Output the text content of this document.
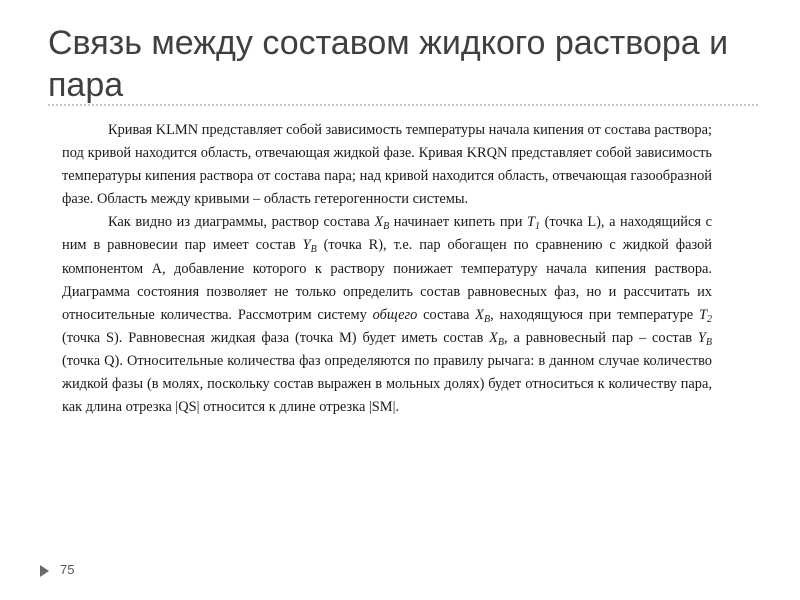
Связь между составом жидкого раствора и пара

Кривая KLMN представляет собой зависимость температуры начала кипения от состава раствора; под кривой находится область, отвечающая жидкой фазе. Кривая KRQN представляет собой зависимость температуры кипения раствора от состава пара; над кривой находится область, отвечающая газообразной фазе. Область между кривыми – область гетерогенности системы.

Как видно из диаграммы, раствор состава $X_B$ начинает кипеть при $T_1$ (точка L), а находящийся с ним в равновесии пар имеет состав $Y_B$ (точка R), т.е. пар обогащен по сравнению с жидкой фазой компонентом А, добавление которого к раствору понижает температуру начала кипения раствора. Диаграмма состояния позволяет не только определить состав равновесных фаз, но и рассчитать их относительные количества. Рассмотрим систему общего состава $X_B$, находящуюся при температуре $T_2$ (точка S). Равновесная жидкая фаза (точка М) будет иметь состав $X_B$, а равновесный пар – состав $Y_B$ (точка Q). Относительные количества фаз определяются по правилу рычага: в данном случае количество жидкой фазы (в молях, поскольку состав выражен в мольных долях) будет относиться к количеству пара, как длина отрезка |QS| относится к длине отрезка |SM|.

75
